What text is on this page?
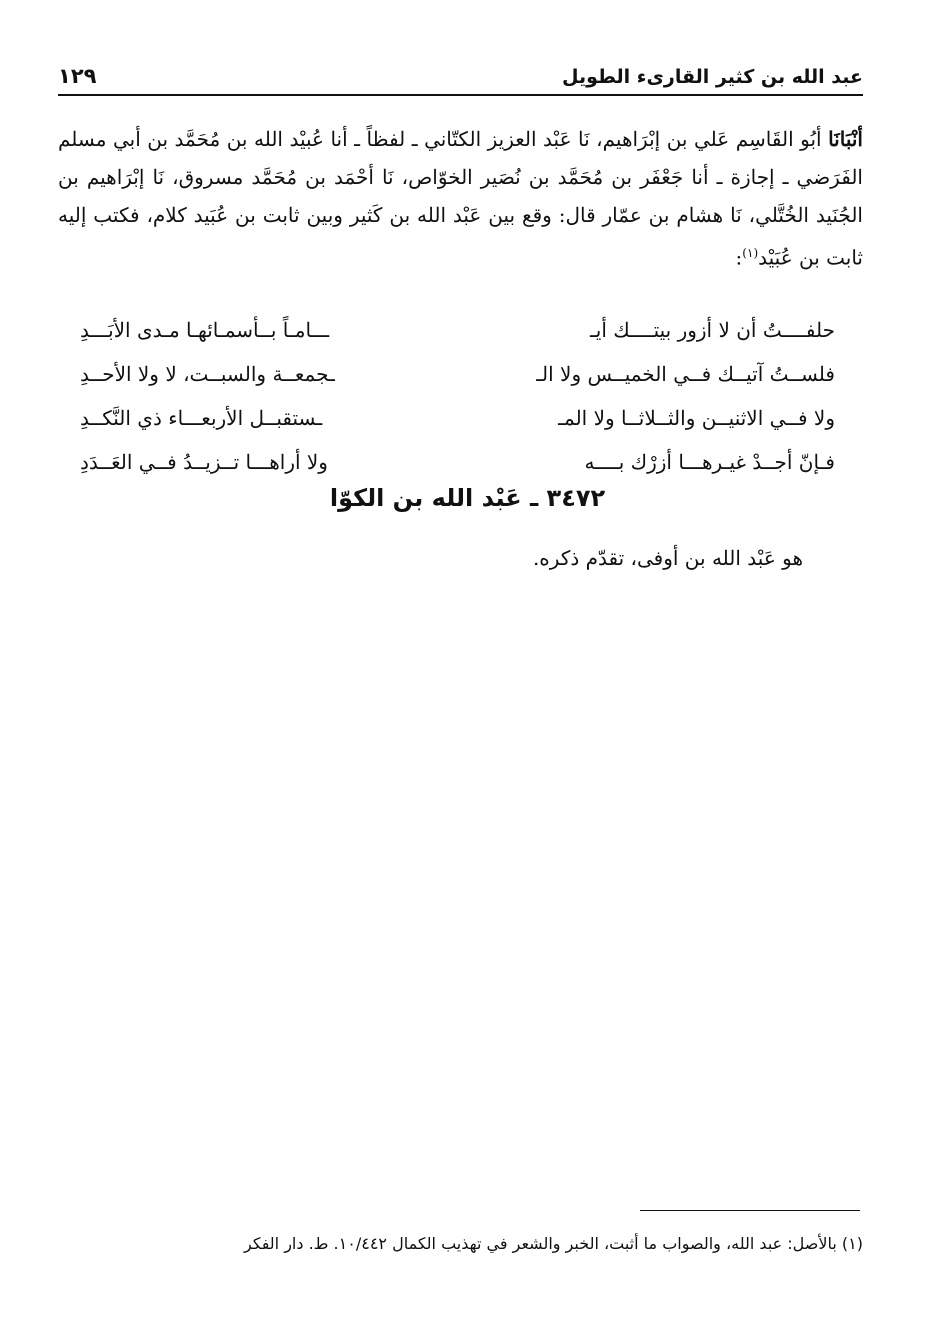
عبد الله بن كثير القارىء الطويل
١٢٩
أنْبَانَا أبُو القَاسِم عَلي بن إبْرَاهيم، نَا عَبْد العزيز الكتّاني ـ لفظاً ـ أنا عُبيْد الله بن مُحَمَّد بن أبي مسلم الفَرَضي ـ إجازة ـ أنا جَعْفَر بن مُحَمَّد بن نُصَير الخوّاص، نَا أحْمَد بن مُحَمَّد مسروق، نَا إبْرَاهيم بن الجُنَيد الخُتَّلي، نَا هشام بن عمّار قال: وقع بين عَبْد الله بن كَثير وبين ثابت بن عُبَيد كلام، فكتب إليه ثابت بن عُبَيْد$^{(١)}$:
حلفــــتُ أن لا أزور بيتــــك أيـ
ـــامـاً بــأسمـائهـا مـدى الأبَـــدِ
فلســتُ آتيــك فــي الخميــس ولا الـ
ـجمعــة والسبــت، لا ولا الأحــدِ
ولا فــي الاثنيــن والثــلاثــا ولا المـ
ـستقبــل الأربعـــاء ذي النَّكــدِ
فـإنّ أجــدْ غيـرهـــا أزرْك بــــه
ولا أراهـــا تــزيــدُ فــي العَــدَدِ
٣٤٧٢ ـ عَبْد الله بن الكوّا
هو عَبْد الله بن أوفى، تقدّم ذكره.
(١) بالأصل: عبد الله، والصواب ما أثبت، الخبر والشعر في تهذيب الكمال ١٠/٤٤٢. ط. دار الفكر
